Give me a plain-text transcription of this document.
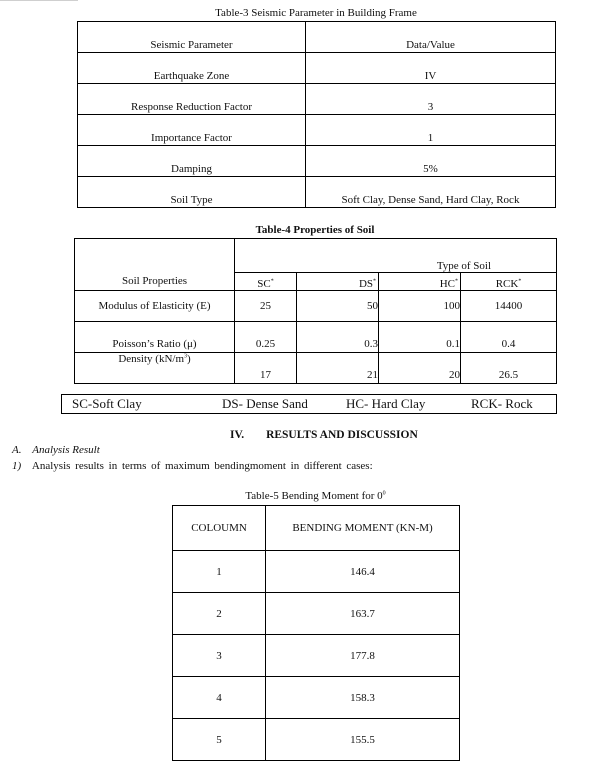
Table-3 Seismic Parameter in Building Frame
Seismic Parameter	Data/Value
Earthquake Zone	IV
Response Reduction Factor	3
Importance Factor	1
Damping	5%
Soil Type	Soft Clay, Dense Sand, Hard Clay, Rock
Table-4 Properties of Soil
Soil Properties	Type of Soil			
	SC*	DS*	HC*	RCK*
Modulus of Elasticity (E)	25	50	100	14400
Poisson’s Ratio (μ)	0.25	0.3	0.1	0.4
Density $(kN/m^3)$	17	21	20	26.5
SC-Soft Clay	DS- Dense Sand	HC- Hard Clay	RCK- Rock
IV. RESULTS AND DISCUSSION
A. Analysis Result
1) Analysis results in terms of maximum bendingmoment in different cases:
Table-5 Bending Moment for $0^0$
COLOUMN	BENDING MOMENT (KN-M)
1	146.4
2	163.7
3	177.8
4	158.3
5	155.5
